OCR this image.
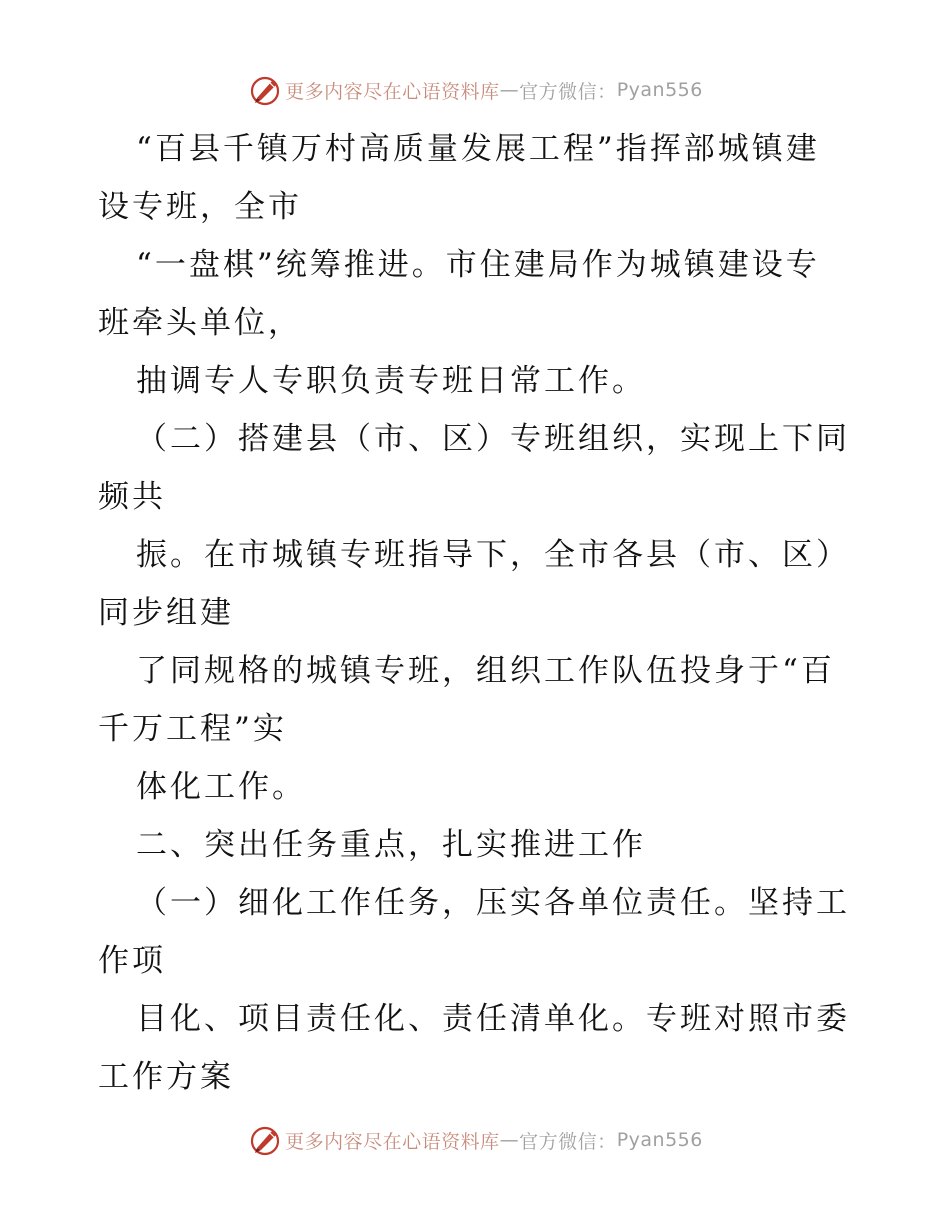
更多内容尽在心语资料库 — 官方微信： Pyan556
“百县千镇万村高质量发展工程”指挥部城镇建
设专班，全市
“一盘棋”统筹推进。市住建局作为城镇建设专
班牵头单位，
抽调专人专职负责专班日常工作。
（二）搭建县（市、区）专班组织，实现上下同
频共
振。在市城镇专班指导下，全市各县（市、区）
同步组建
了同规格的城镇专班，组织工作队伍投身于“百
千万工程”实
体化工作。
二、突出任务重点，扎实推进工作
（一）细化工作任务，压实各单位责任。坚持工
作项
目化、项目责任化、责任清单化。专班对照市委
工作方案
更多内容尽在心语资料库 — 官方微信： Pyan556
